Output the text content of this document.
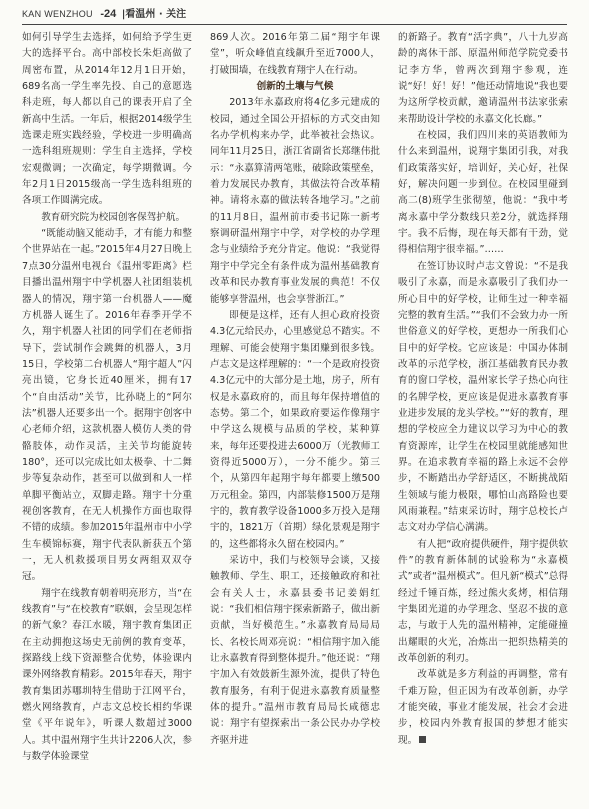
KAN WENZHOU -24 |看温州 · 关注

如何引导学生去选择，如何给予学生更大的选择平台。高中部校长朱炬高做了周密布置，从2014年12月1日开始，689名高一学生率先投、自己的意愿选科走班，每人都以自己的课表开启了全新高中生活。一年后，根据2014级学生选课走班实践经验，学校进一步明确高一选科组班规则：学生自主选择，学校宏观微调；一次确定，每学期微调。今年2月1日2015级高一学生选科组班的各项工作圆满完成。

教育研究院为校园创客保驾护航。

“既能动脑又能动手，才有能力和整个世界站在一起。”2015年4月27日晚上7点30分温州电视台《温州零距离》栏目播出温州翔宇中学机器人社团组装机器人的情况，翔宇第一台机器人——魔方机器人诞生了。2016年春季开学不久，翔宇机器人社团的同学们在老师指导下，尝试制作会跳舞的机器人，3月15日，学校第二台机器人“翔宇超人”闪亮出镜，它身长近40厘米，拥有17个“自由活动”关节，比孙晓上的“阿尔法”机器人还要多出一个。据翔宇创客中心老师介绍，这款机器人模仿人类的骨骼肢体，动作灵活，主关节均能旋转180°，还可以完成比如太极拳、十二舞步等复杂动作，甚至可以做到和人一样单脚平衡站立，双脚走路。翔宇十分重视创客教育，在无人机操作方面也取得不错的成绩。参加2015年温州市中小学生车模锦标赛，翔宇代表队新获五个第一，无人机救援项目男女两组双双夺冠。

翔宇在线教育朝着明亮形方，当“在线教育”与“在校教育”联姻，会呈现怎样的新气象？春江水暖，翔宇教育集团正在主动拥抱这场史无前例的教育变革，探路线上线下资源整合优势，体验课内课外网络教育精彩。2015年春天，翔宇教育集团苏哪圳特生借助于江网平台，燃火网络教育，卢志文总校长相约华课堂《平年说年》，听课人数超过3000人。其中温州翔宇生共计2206人次，参与数学体验课堂

869人次。2016年第二届“翔宇年课堂”，听众峰值直线飙升至近7000人，打破围墙，在线教育翔宇人在行动。

创新的土壤与气候

2013年永嘉政府将4亿多元建成的校园，通过全国公开招标的方式交由知名办学机构来办学，此举被社会热议。同年11月25日，浙江省副省长郑继伟批示：“永嘉算清两笔账，破除政策壁垒，着力发展民办教育，其做法符合改革精神。请将永嘉的做法转各地学习。”之前的11月8日，温州前市委书记陈一新考察调研温州翔宇中学，对学校的办学理念与业绩给予充分肯定。他说：“我觉得翔宇中学完全有条件成为温州基础教育改革和民办教育事业发展的典范！不仅能够享誉温州，也会享誉浙江。”

即便是这样，还有人担心政府投资4.3亿元给民办，心里感觉总不踏实。不理解、可能会使翔宇集团赚到很多钱。卢志文是这样理解的：“一个是政府投资4.3亿元中的大部分是土地，房子，所有权是永嘉政府的，而且每年保持增值的态势。第二个，如果政府要运作像翔宇中学这么规模与品质的学校，某种算来，每年还要投进去6000万（光教师工资得近5000万），一分不能少。第三个，从第四年起翔宇每年都要上缴500万元租金。第四，内部装修1500万是翔宇的，教育教学设备1000多万投入是翔宇的，1821万（首期）绿化景观是翔宇的，这些都将永久留在校园内。”

采访中，我们与校领导会谈，又接触教师、学生、职工，还接触政府和社会有关人士，永嘉县委书记姜娟红说：“我们相信翔宇探索新路子，做出新贡献，当好模范生。”永嘉教育局局局长、名校长周邓亮说：“相信翔宇加入能让永嘉教育得到整体提升。”他还说：“翔宇加入有效鼓新生源外流，提供了特色教育服务，有利于促进永嘉教育质量整体的提升。”温州市教育局局长咸德忠说：翔宇有望探索出一条公民办办学校齐驱并进

的新路子。教育“活字典”，八十九岁高龄的离休干部、原温州师范学院党委书记李方华，曾两次到翔宇参观，连说“好！好！好！”他还动情地说“我也要为这所学校贡献，邀请温州书法家张索来帮助设计学校的永嘉文化长廊。”

在校园，我们四川来的英语教师为什么来到温州，说翔宇集团引我，对我们政策落实好，培训好，关心好，社保好，解决问题一步到位。在校园里碰到高二(8)班学生张彻堃，他说：“我中考离永嘉中学分数线只差2分，就选择翔宇。我不后悔，现在每天都有干劲，觉得相信翔宇很幸福。”……

在签订协议时卢志文曾说：“不是我吸引了永嘉，而是永嘉吸引了我们办一所心目中的好学校，让师生过一种幸福完整的教育生活。”“我们不会致力办一所世俗意义的好学校，更想办一所我们心目中的好学校。它应该是：中国办体制改革的示范学校，浙江基础教育民办教育的窗口学校，温州家长学子热心向往的名牌学校，更应该是促进永嘉教育事业进步发展的龙头学校。”“好的教育，理想的学校应全力建议以学习为中心的教育资源库，让学生在校园里就能感知世界。在追求教育幸福的路上永远不会停步，不断踏出办学舒适区，不断挑战陌生领域与能力极限，哪怕山高路险也要风雨兼程。”结束采访时，翔宇总校长卢志文对办学信心满满。

有人把“政府提供硬件，翔宇提供软件”的教育新体制的试验称为“永嘉模式”或者“温州模式”。但凡新“模式”总得经过千锤百炼，经过熊火炙烤，相信翔宇集团光道的办学理念、坚忍不拔的意志，与敢于人先的温州精神，定能碰撞出耀眼的火光，冶炼出一把织热精美的改革创新的利刃。

改革就是多方利益的再调整，常有千难万险，但正因为有改革创新，办学才能突破，事业才能发展，社会才会进步，校园内外教育报国的梦想才能实现。
